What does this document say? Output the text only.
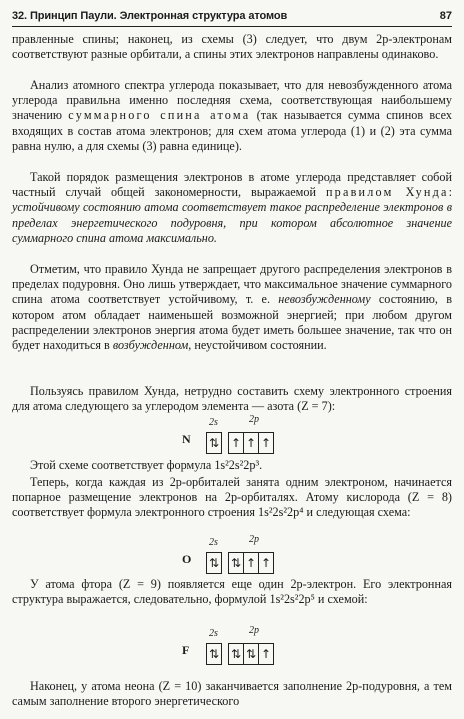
32. Принцип Паули. Электронная структура атомов	87

правленные спины; наконец, из схемы (3) следует, что двум 2p-электронам соответствуют разные орбитали, а спины этих электронов направлены одинаково.

Анализ атомного спектра углерода показывает, что для невозбужденного атома углерода правильна именно последняя схема, соответствующая наибольшему значению суммарного спина атома (так называется сумма спинов всех входящих в состав атома электронов; для схем атома углерода (1) и (2) эта сумма равна нулю, а для схемы (3) равна единице).

Такой порядок размещения электронов в атоме углерода представляет собой частный случай общей закономерности, выражаемой правилом Хунда: устойчивому состоянию атома соответствует такое распределение электронов в пределах энергетического подуровня, при котором абсолютное значение суммарного спина атома максимально.

Отметим, что правило Хунда не запрещает другого распределения электронов в пределах подуровня. Оно лишь утверждает, что максимальное значение суммарного спина атома соответствует устойчивому, т. е. невозбужденному состоянию, в котором атом обладает наименьшей возможной энергией; при любом другом распределении электронов энергия атома будет иметь большее значение, так что он будет находиться в возбужденном, неустойчивом состоянии.

Пользуясь правилом Хунда, нетрудно составить схему электронного строения для атома следующего за углеродом элемента — азота (Z = 7):

N
2s	2p
⇅ ↑ ↑ ↑

Этой схеме соответствует формула 1s²2s²2p³.

Теперь, когда каждая из 2p-орбиталей занята одним электроном, начинается попарное размещение электронов на 2p-орбиталях. Атому кислорода (Z = 8) соответствует формула электронного строения 1s²2s²2p⁴ и следующая схема:

O
2s	2p
⇅ ⇅ ↑ ↑

У атома фтора (Z = 9) появляется еще один 2p-электрон. Его электронная структура выражается, следовательно, формулой 1s²2s²2p⁵ и схемой:

F
2s	2p
⇅ ⇅ ⇅ ↑

Наконец, у атома неона (Z = 10) заканчивается заполнение 2p-подуровня, а тем самым заполнение второго энергетического
